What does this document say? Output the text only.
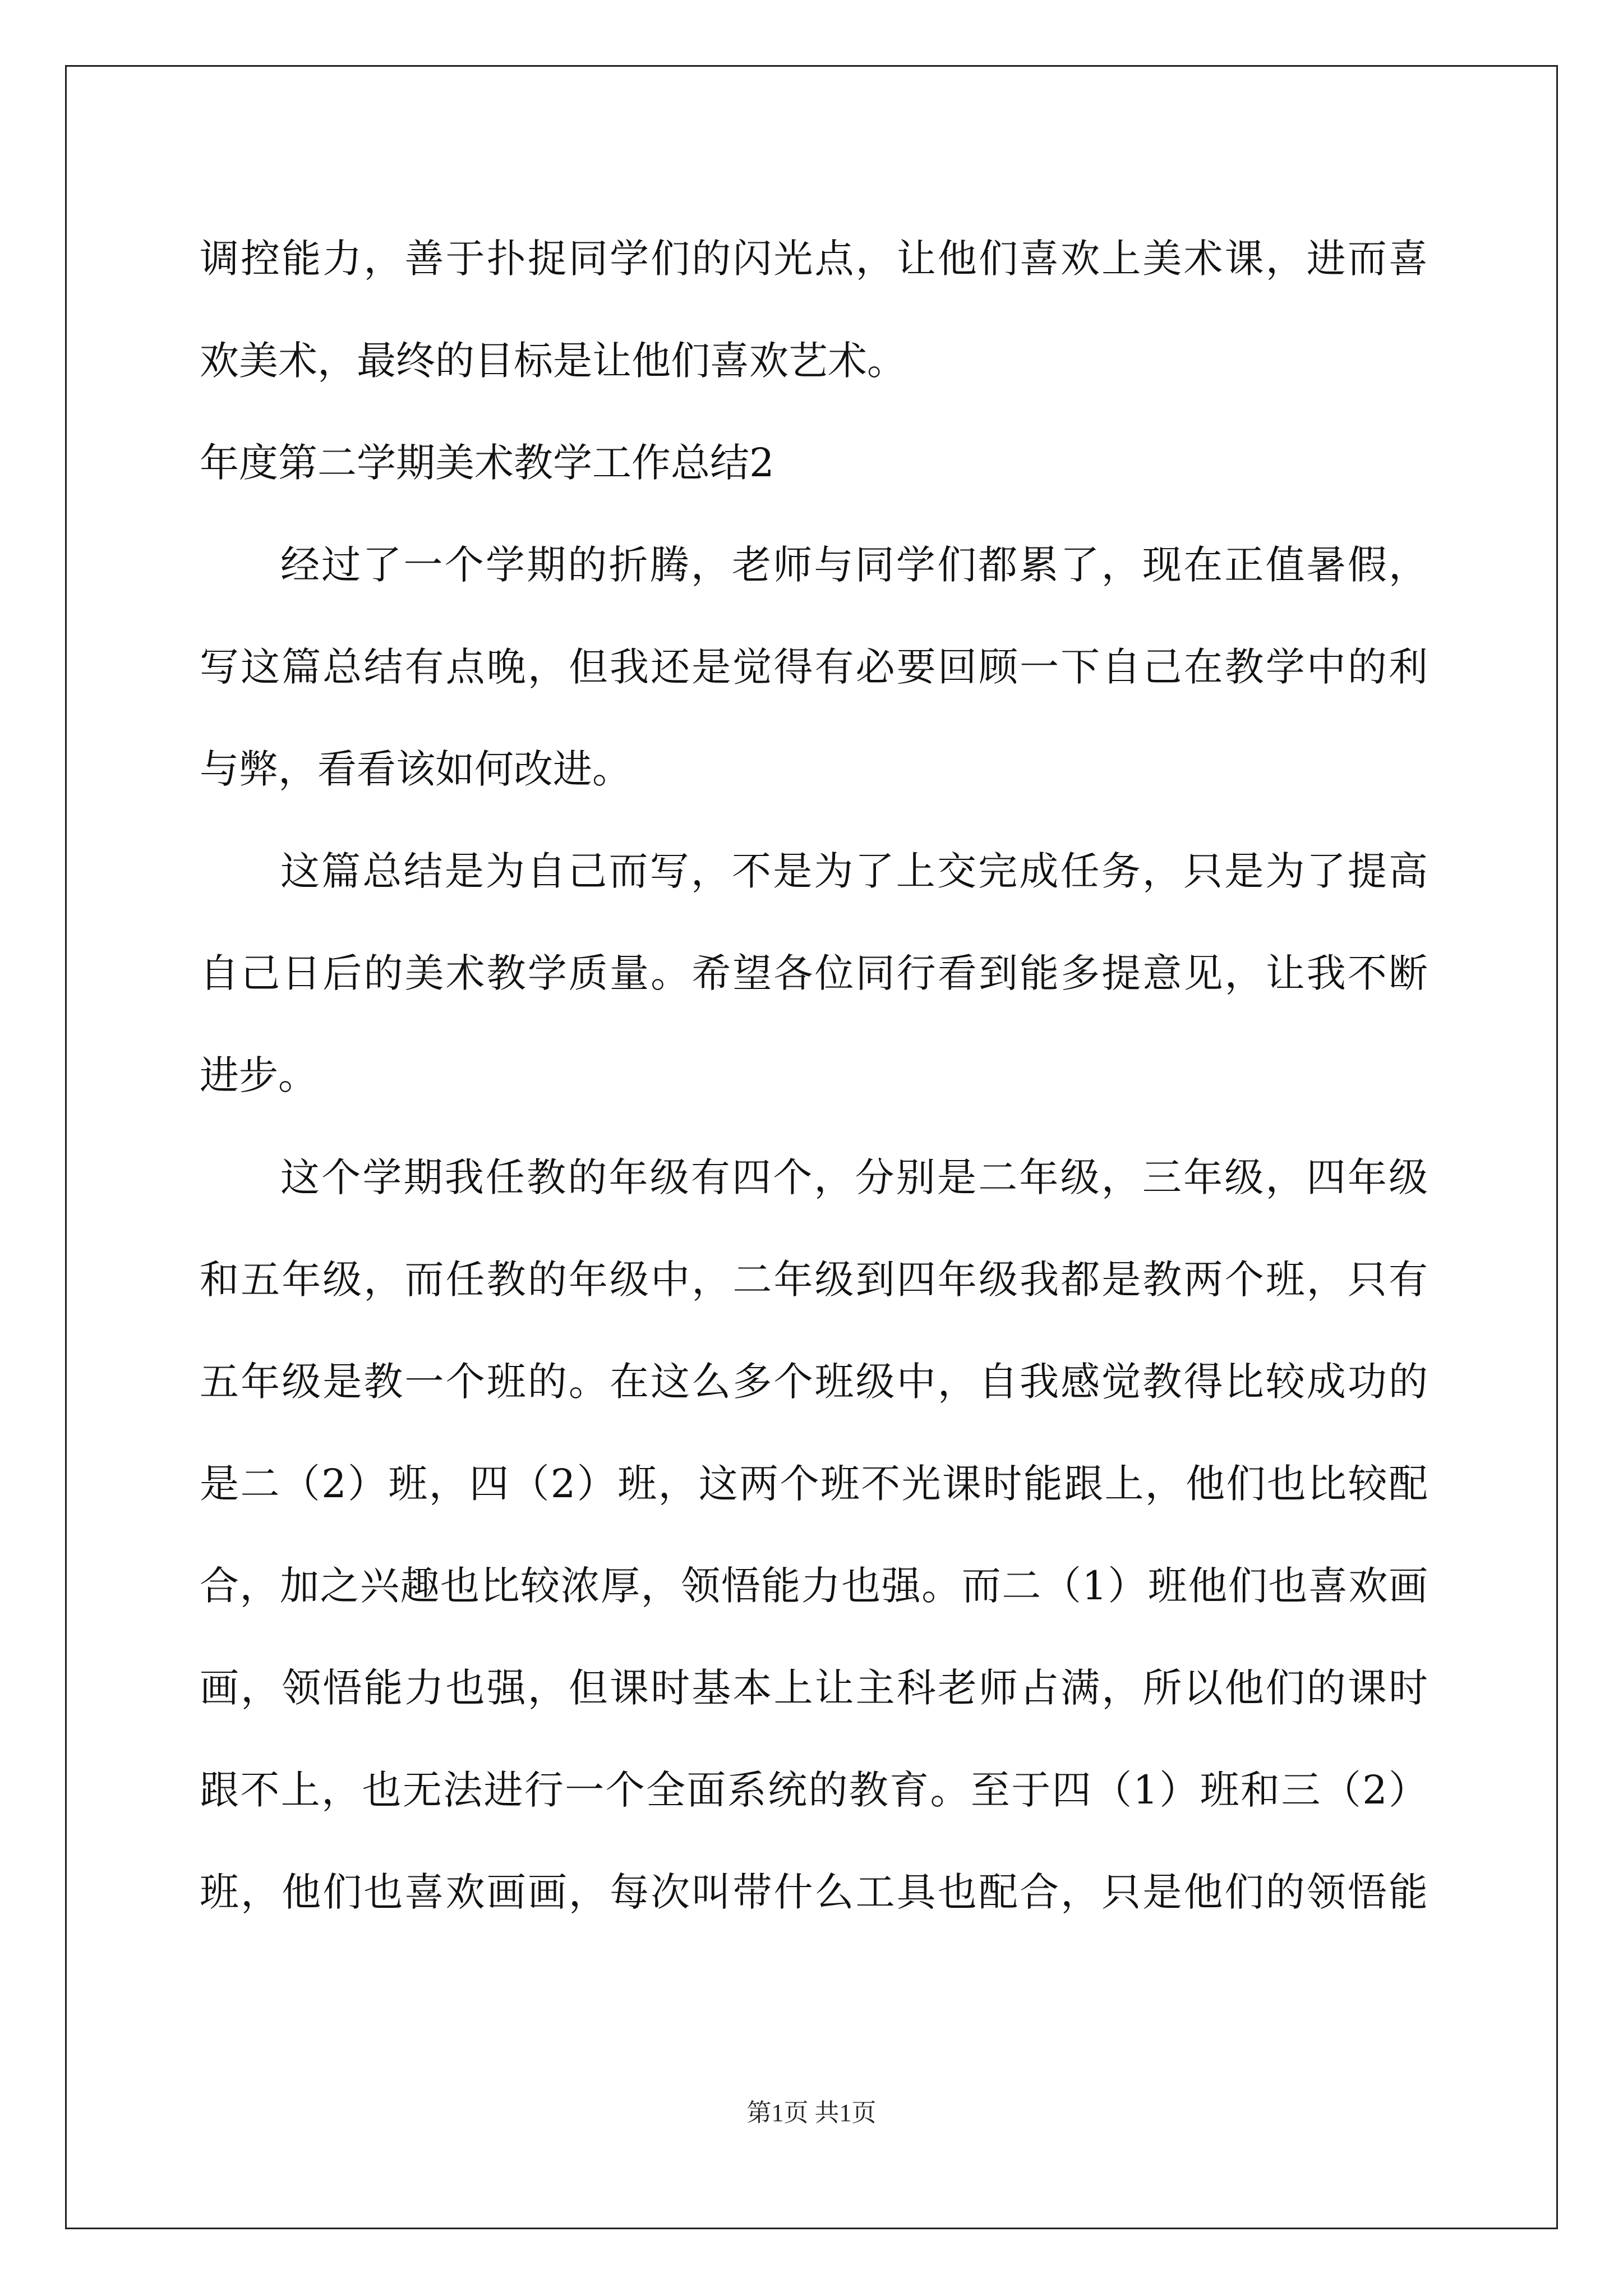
调控能力，善于扑捉同学们的闪光点，让他们喜欢上美术课，进而喜

欢美术，最终的目标是让他们喜欢艺术。

年度第二学期美术教学工作总结2

经过了一个学期的折腾，老师与同学们都累了，现在正值暑假，

写这篇总结有点晚，但我还是觉得有必要回顾一下自己在教学中的利

与弊，看看该如何改进。

这篇总结是为自己而写，不是为了上交完成任务，只是为了提高

自己日后的美术教学质量。希望各位同行看到能多提意见，让我不断

进步。

这个学期我任教的年级有四个，分别是二年级，三年级，四年级

和五年级，而任教的年级中，二年级到四年级我都是教两个班，只有

五年级是教一个班的。在这么多个班级中，自我感觉教得比较成功的

是二（2）班，四（2）班，这两个班不光课时能跟上，他们也比较配

合，加之兴趣也比较浓厚，领悟能力也强。而二（1）班他们也喜欢画

画，领悟能力也强，但课时基本上让主科老师占满，所以他们的课时

跟不上，也无法进行一个全面系统的教育。至于四（1）班和三（2）

班，他们也喜欢画画，每次叫带什么工具也配合，只是他们的领悟能

第1页 共1页
